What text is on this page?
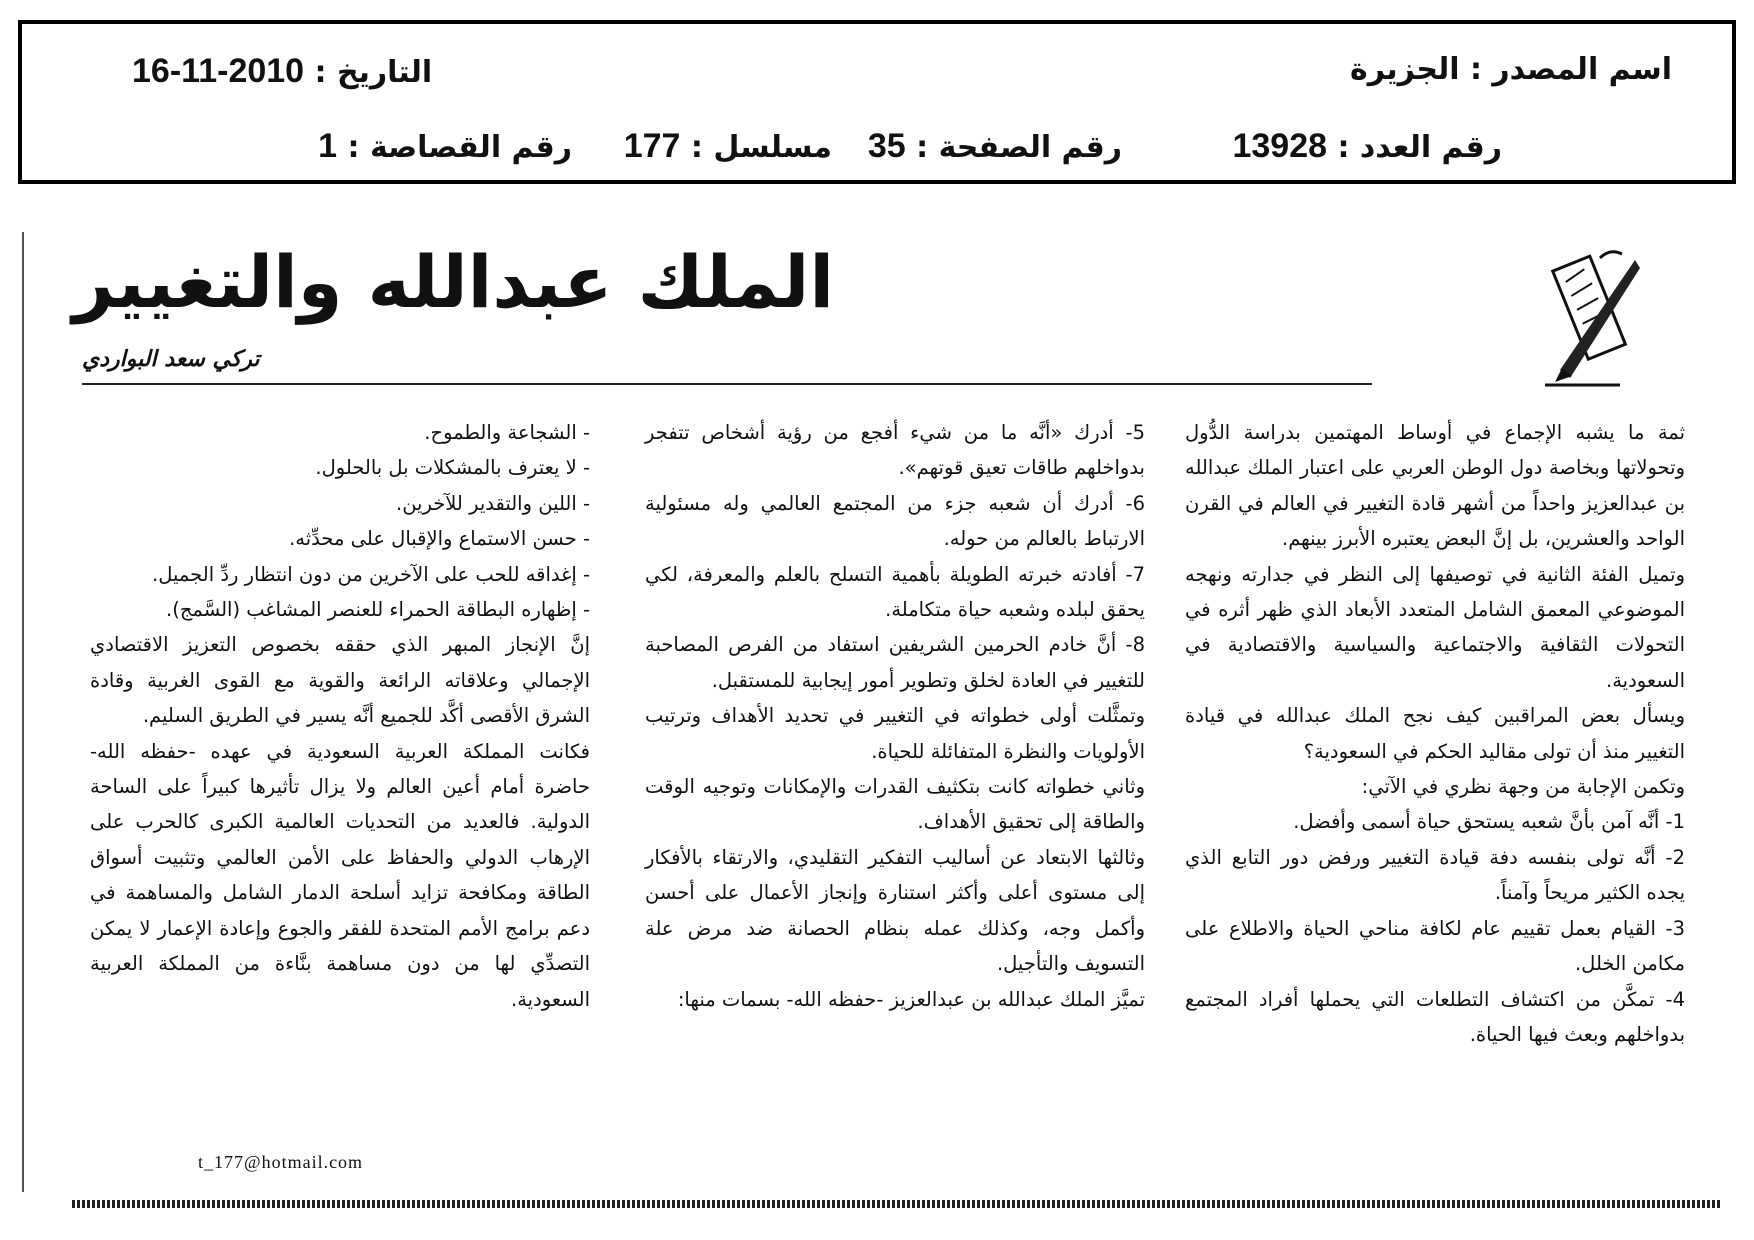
اسم المصدر : الجزيرة
التاريخ : 2010-11-16
رقم العدد : 13928
رقم الصفحة : 35
مسلسل : 177
رقم القصاصة : 1
الملك عبدالله والتغيير
تركي سعد البواردي

ثمة ما يشبه الإجماع في أوساط المهتمين بدراسة الدُّول وتحولاتها وبخاصة دول الوطن العربي على اعتبار الملك عبدالله بن عبدالعزيز واحداً من أشهر قادة التغيير في العالم في القرن الواحد والعشرين، بل إنَّ البعض يعتبره الأبرز بينهم.

وتميل الفئة الثانية في توصيفها إلى النظر في جدارته ونهجه الموضوعي المعمق الشامل المتعدد الأبعاد الذي ظهر أثره في التحولات الثقافية والاجتماعية والسياسية والاقتصادية في السعودية.

ويسأل بعض المراقبين كيف نجح الملك عبدالله في قيادة التغيير منذ أن تولى مقاليد الحكم في السعودية؟

وتكمن الإجابة من وجهة نظري في الآتي:

1- أنَّه آمن بأنَّ شعبه يستحق حياة أسمى وأفضل.

2- أنَّه تولى بنفسه دفة قيادة التغيير ورفض دور التابع الذي يجده الكثير مريحاً وآمناً.

3- القيام بعمل تقييم عام لكافة مناحي الحياة والاطلاع على مكامن الخلل.

4- تمكَّن من اكتشاف التطلعات التي يحملها أفراد المجتمع بدواخلهم وبعث فيها الحياة.

5- أدرك «أنَّه ما من شيء أفجع من رؤية أشخاص تتفجر بدواخلهم طاقات تعيق قوتهم».

6- أدرك أن شعبه جزء من المجتمع العالمي وله مسئولية الارتباط بالعالم من حوله.

7- أفادته خبرته الطويلة بأهمية التسلح بالعلم والمعرفة، لكي يحقق لبلده وشعبه حياة متكاملة.

8- أنَّ خادم الحرمين الشريفين استفاد من الفرص المصاحبة للتغيير في العادة لخلق وتطوير أمور إيجابية للمستقبل.

وتمثَّلت أولى خطواته في التغيير في تحديد الأهداف وترتيب الأولويات والنظرة المتفائلة للحياة.

وثاني خطواته كانت بتكثيف القدرات والإمكانات وتوجيه الوقت والطاقة إلى تحقيق الأهداف.

وثالثها الابتعاد عن أساليب التفكير التقليدي، والارتقاء بالأفكار إلى مستوى أعلى وأكثر استنارة وإنجاز الأعمال على أحسن وأكمل وجه، وكذلك عمله بنظام الحصانة ضد مرض علة التسويف والتأجيل.

تميَّز الملك عبدالله بن عبدالعزيز -حفظه الله- بسمات منها:

- الشجاعة والطموح.

- لا يعترف بالمشكلات بل بالحلول.

- اللين والتقدير للآخرين.

- حسن الاستماع والإقبال على محدِّثه.

- إغداقه للحب على الآخرين من دون انتظار ردِّ الجميل.

- إظهاره البطاقة الحمراء للعنصر المشاغب (السَّمج).

إنَّ الإنجاز المبهر الذي حققه بخصوص التعزيز الاقتصادي الإجمالي وعلاقاته الرائعة والقوية مع القوى الغربية وقادة الشرق الأقصى أكَّد للجميع أنَّه يسير في الطريق السليم.

فكانت المملكة العربية السعودية في عهده -حفظه الله- حاضرة أمام أعين العالم ولا يزال تأثيرها كبيراً على الساحة الدولية. فالعديد من التحديات العالمية الكبرى كالحرب على الإرهاب الدولي والحفاظ على الأمن العالمي وتثبيت أسواق الطاقة ومكافحة تزايد أسلحة الدمار الشامل والمساهمة في دعم برامج الأمم المتحدة للفقر والجوع وإعادة الإعمار لا يمكن التصدِّي لها من دون مساهمة بنَّاءة من المملكة العربية السعودية.

t_177@hotmail.com
